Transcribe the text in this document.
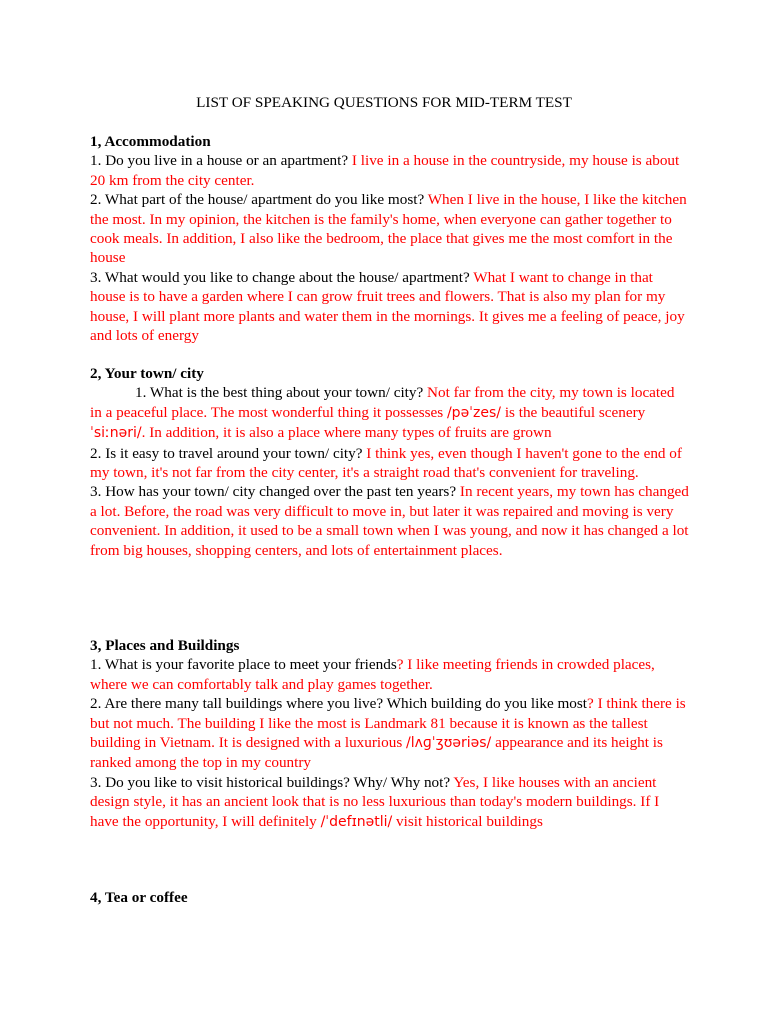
LIST OF SPEAKING QUESTIONS FOR MID-TERM TEST

1, Accommodation

1. Do you live in a house or an apartment? I live in a house in the countryside, my house is about 20 km from the city center.

2. What part of the house/ apartment do you like most? When I live in the house, I like the kitchen the most. In my opinion, the kitchen is the family's home, when everyone can gather together to cook meals. In addition, I also like the bedroom, the place that gives me the most comfort in the house

3. What would you like to change about the house/ apartment? What I want to change in that house is to have a garden where I can grow fruit trees and flowers. That is also my plan for my house, I will plant more plants and water them in the mornings. It gives me a feeling of peace, joy and lots of energy

2, Your town/ city

1. What is the best thing about your town/ city? Not far from the city, my town is located in a peaceful place. The most wonderful thing it possesses /pəˈzes/ is the beautiful scenery ˈsiːnəri/. In addition, it is also a place where many types of fruits are grown

2. Is it easy to travel around your town/ city? I think yes, even though I haven't gone to the end of my town, it's not far from the city center, it's a straight road that's convenient for traveling.

3. How has your town/ city changed over the past ten years? In recent years, my town has changed a lot. Before, the road was very difficult to move in, but later it was repaired and moving is very convenient. In addition, it used to be a small town when I was young, and now it has changed a lot from big houses, shopping centers, and lots of entertainment places.

3, Places and Buildings

1. What is your favorite place to meet your friends? I like meeting friends in crowded places, where we can comfortably talk and play games together.

2. Are there many tall buildings where you live? Which building do you like most? I think there is but not much. The building I like the most is Landmark 81 because it is known as the tallest building in Vietnam. It is designed with a luxurious /lʌɡˈʒʊəriəs/ appearance and its height is ranked among the top in my country

3. Do you like to visit historical buildings? Why/ Why not? Yes, I like houses with an ancient design style, it has an ancient look that is no less luxurious than today's modern buildings. If I have the opportunity, I will definitely /ˈdefɪnətli/ visit historical buildings

4, Tea or coffee
